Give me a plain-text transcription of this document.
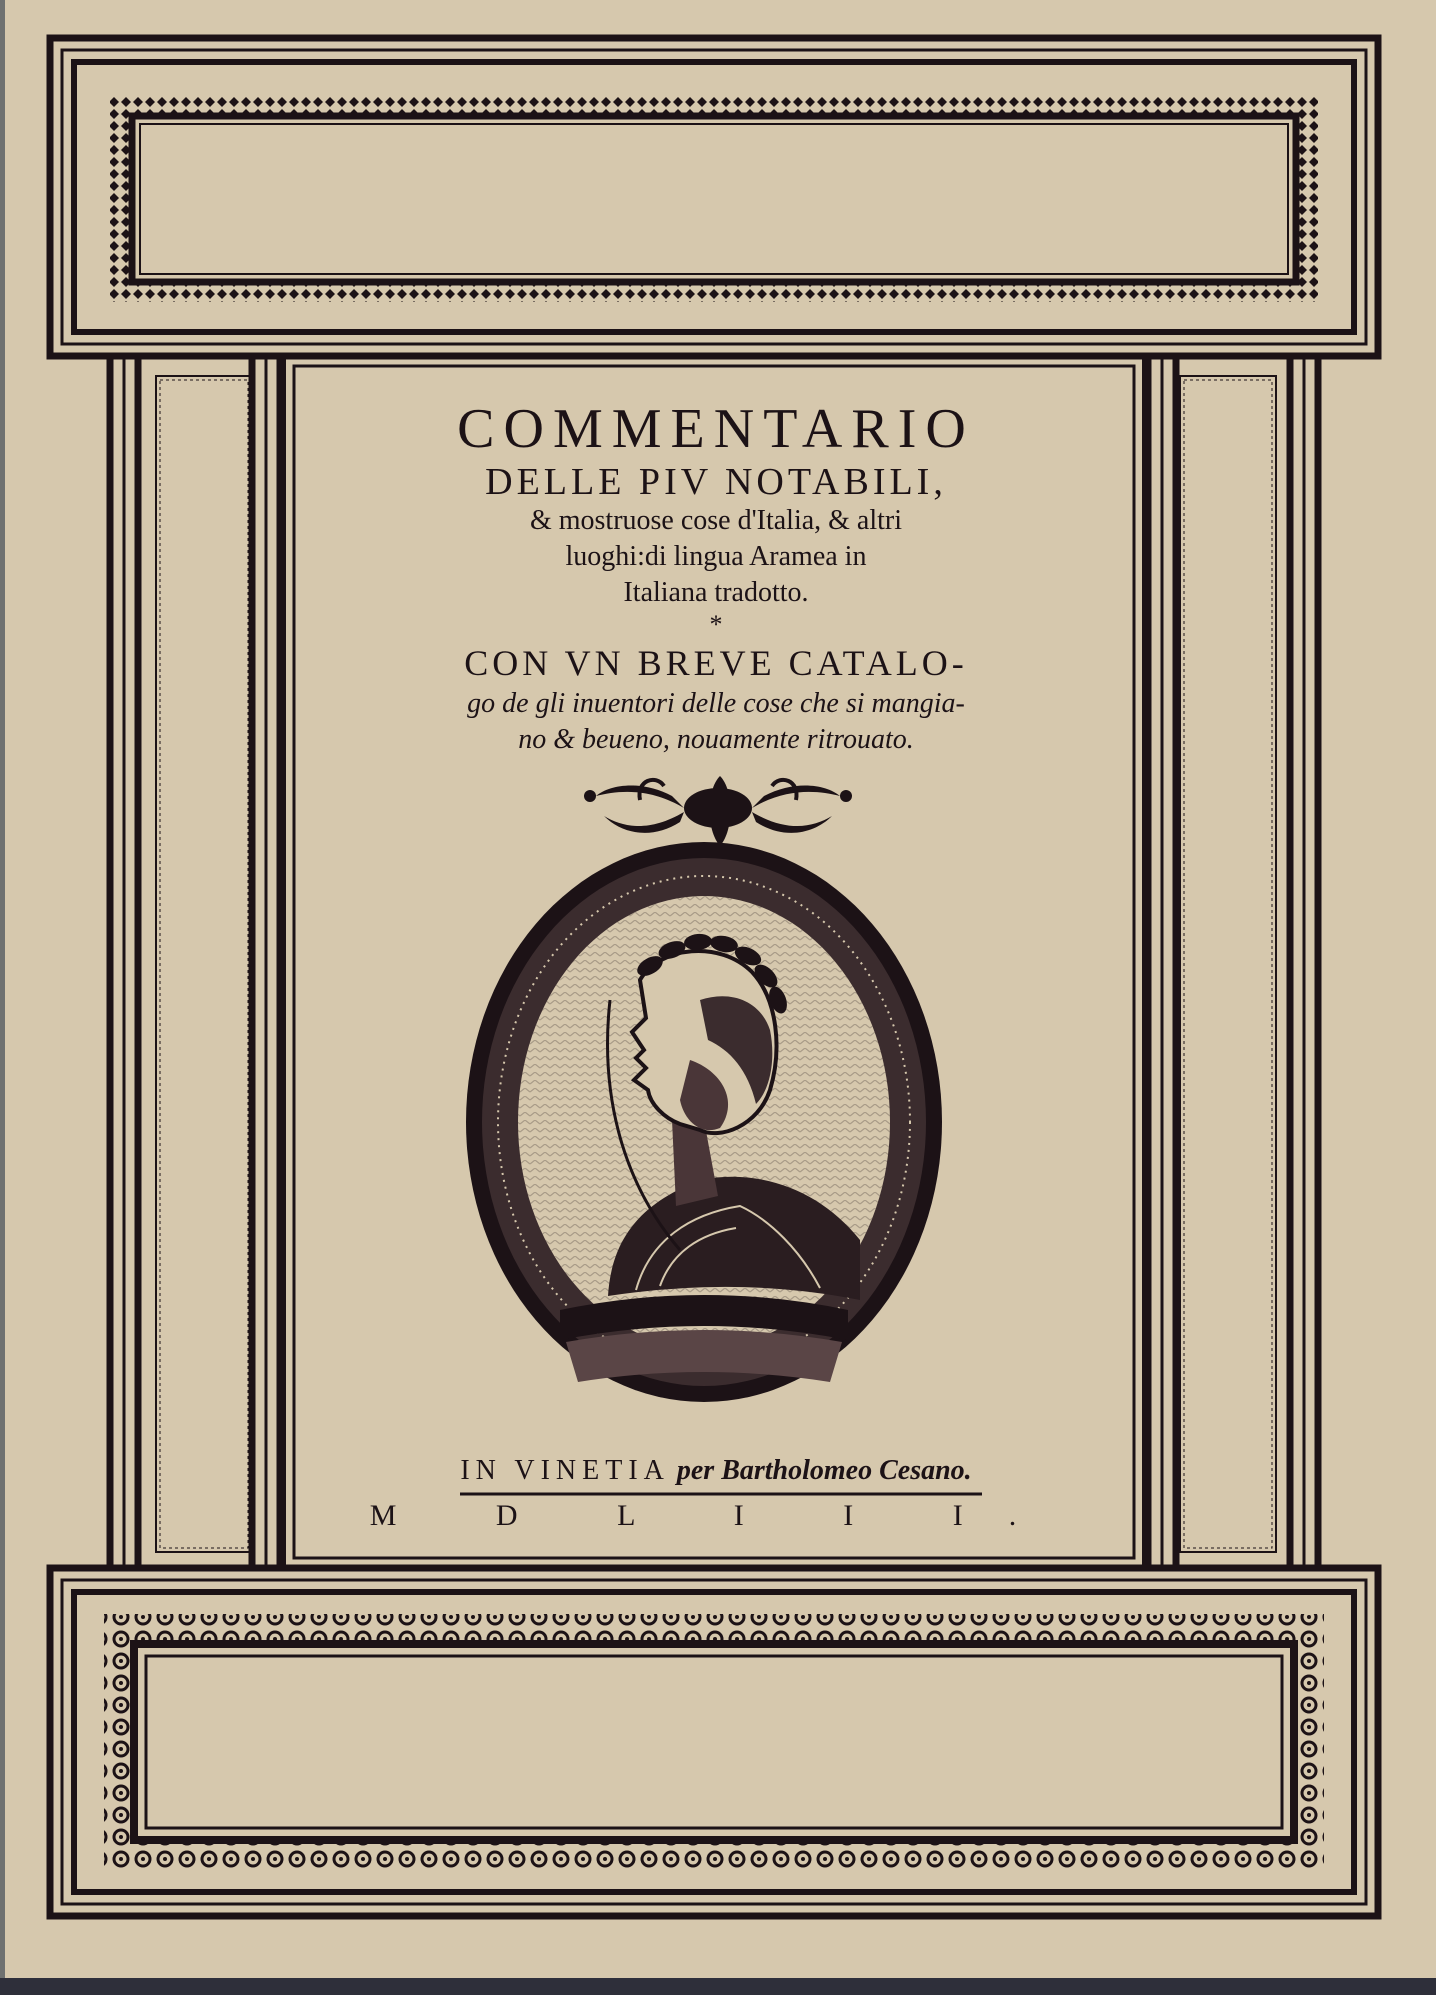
COMMENTARIO
DELLE PIV NOTABILI,
& mostruose cose d'Italia, & altri
luoghi:di lingua Aramea in
Italiana tradotto.
*
CON VN BREVE CATALO-
go de gli inuentori delle cose che si mangia-
no & beueno, nouamente ritrouato.
IN VINETIA per Bartholomeo Cesano.
M D L I I I.
